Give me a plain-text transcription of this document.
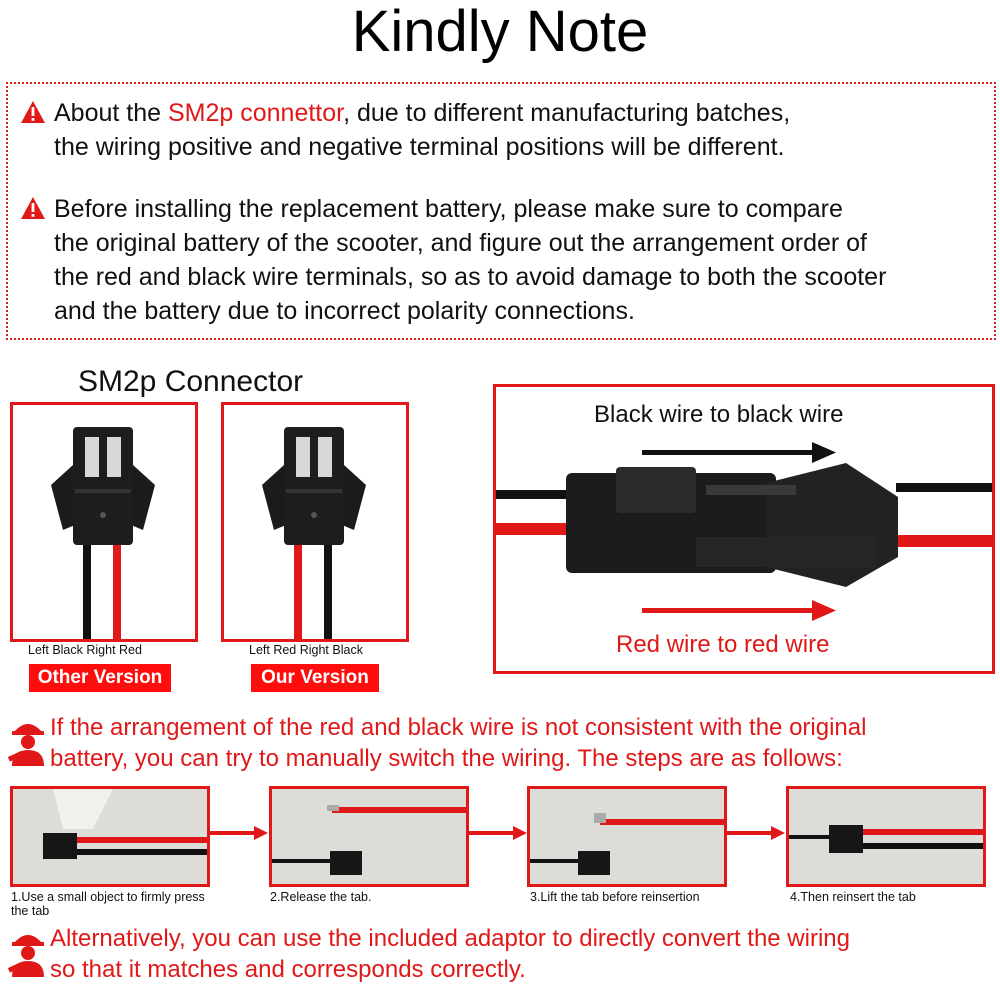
Kindly Note
About the SM2p connettor, due to different manufacturing batches,
the wiring positive and negative terminal positions will be different.
Before installing the replacement battery, please make sure to compare
the original battery of the scooter, and figure out the arrangement order of
the red and black wire terminals, so as to avoid damage to both the scooter
and the battery due to incorrect polarity connections.
SM2p Connector
Left Black Right Red
Other Version
Left Red Right Black
Our Version
Black wire to black wire
Red wire to red wire
If the arrangement of the red and black wire is not consistent with the original
battery, you can try to manually switch the wiring. The steps are as follows:
1.Use a small object to firmly press the tab
2.Release the tab.	3.Lift the tab before reinsertion	4.Then reinsert the tab
Alternatively, you can use the included adaptor to directly convert the wiring
so that it matches and corresponds correctly.
